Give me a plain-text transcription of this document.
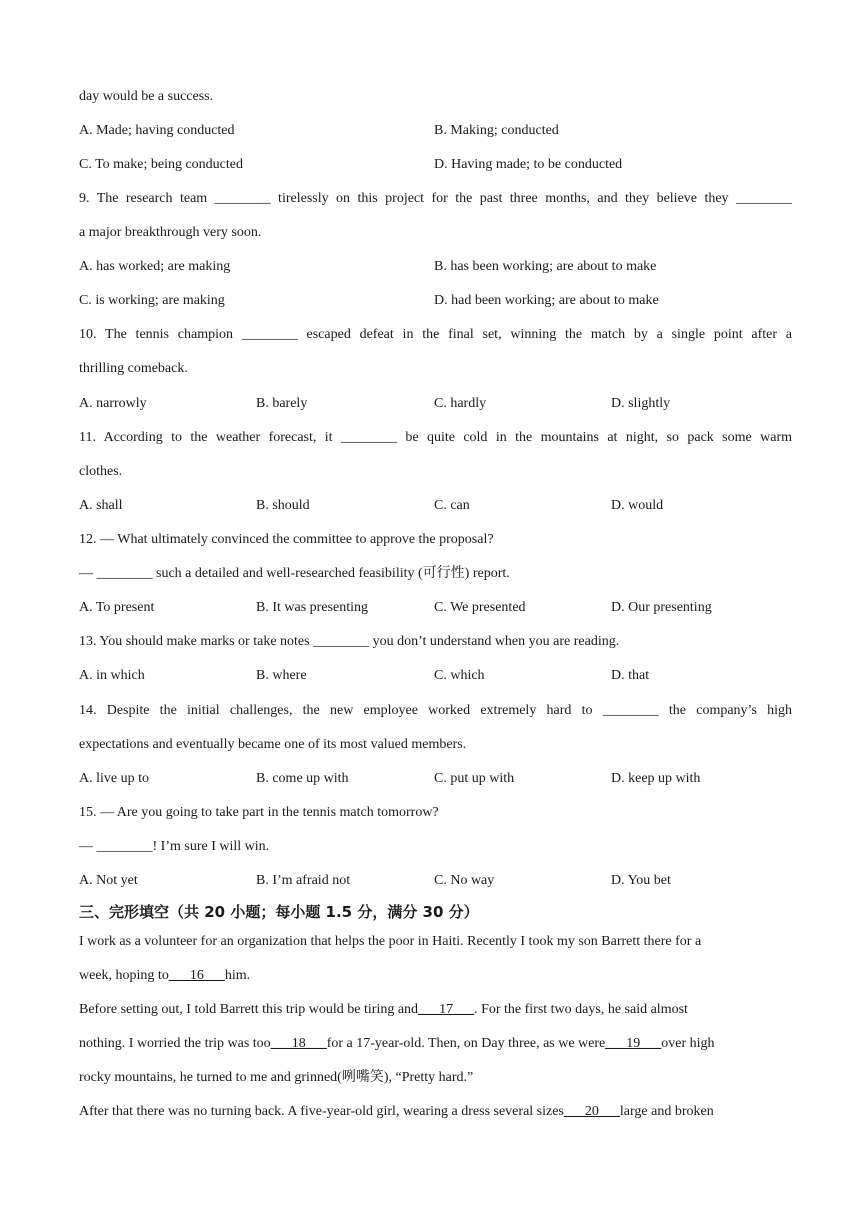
day would be a success.
A. Made; having conducted	B. Making; conducted
C. To make; being conducted	D. Having made; to be conducted
9. The research team ________ tirelessly on this project for the past three months, and they believe they ________
a major breakthrough very soon.
A. has worked; are making	B. has been working; are about to make
C. is working; are making	D. had been working; are about to make
10. The tennis champion ________ escaped defeat in the final set, winning the match by a single point after a
thrilling comeback.
A. narrowly	B. barely	C. hardly	D. slightly
11. According to the weather forecast, it ________ be quite cold in the mountains at night, so pack some warm
clothes.
A. shall	B. should	C. can	D. would
12. — What ultimately convinced the committee to approve the proposal?
— ________ such a detailed and well-researched feasibility (可行性) report.
A. To present	B. It was presenting	C. We presented	D. Our presenting
13. You should make marks or take notes ________ you don’t understand when you are reading.
A. in which	B. where	C. which	D. that
14. Despite the initial challenges, the new employee worked extremely hard to ________ the company’s high
expectations and eventually became one of its most valued members.
A. live up to	B. come up with	C. put up with	D. keep up with
15. — Are you going to take part in the tennis match tomorrow?
— ________! I’m sure I will win.
A. Not yet	B. I’m afraid not	C. No way	D. You bet
三、完形填空（共 20 小题；每小题 1.5 分，满分 30 分）
I work as a volunteer for an organization that helps the poor in Haiti. Recently I took my son Barrett there for a
week, hoping to___16___him.
Before setting out, I told Barrett this trip would be tiring and___17___. For the first two days, he said almost
nothing. I worried the trip was too___18___for a 17-year-old. Then, on Day three, as we were___19___over high
rocky mountains, he turned to me and grinned(咧嘴笑), “Pretty hard.”
After that there was no turning back. A five-year-old girl, wearing a dress several sizes___20___large and broken
